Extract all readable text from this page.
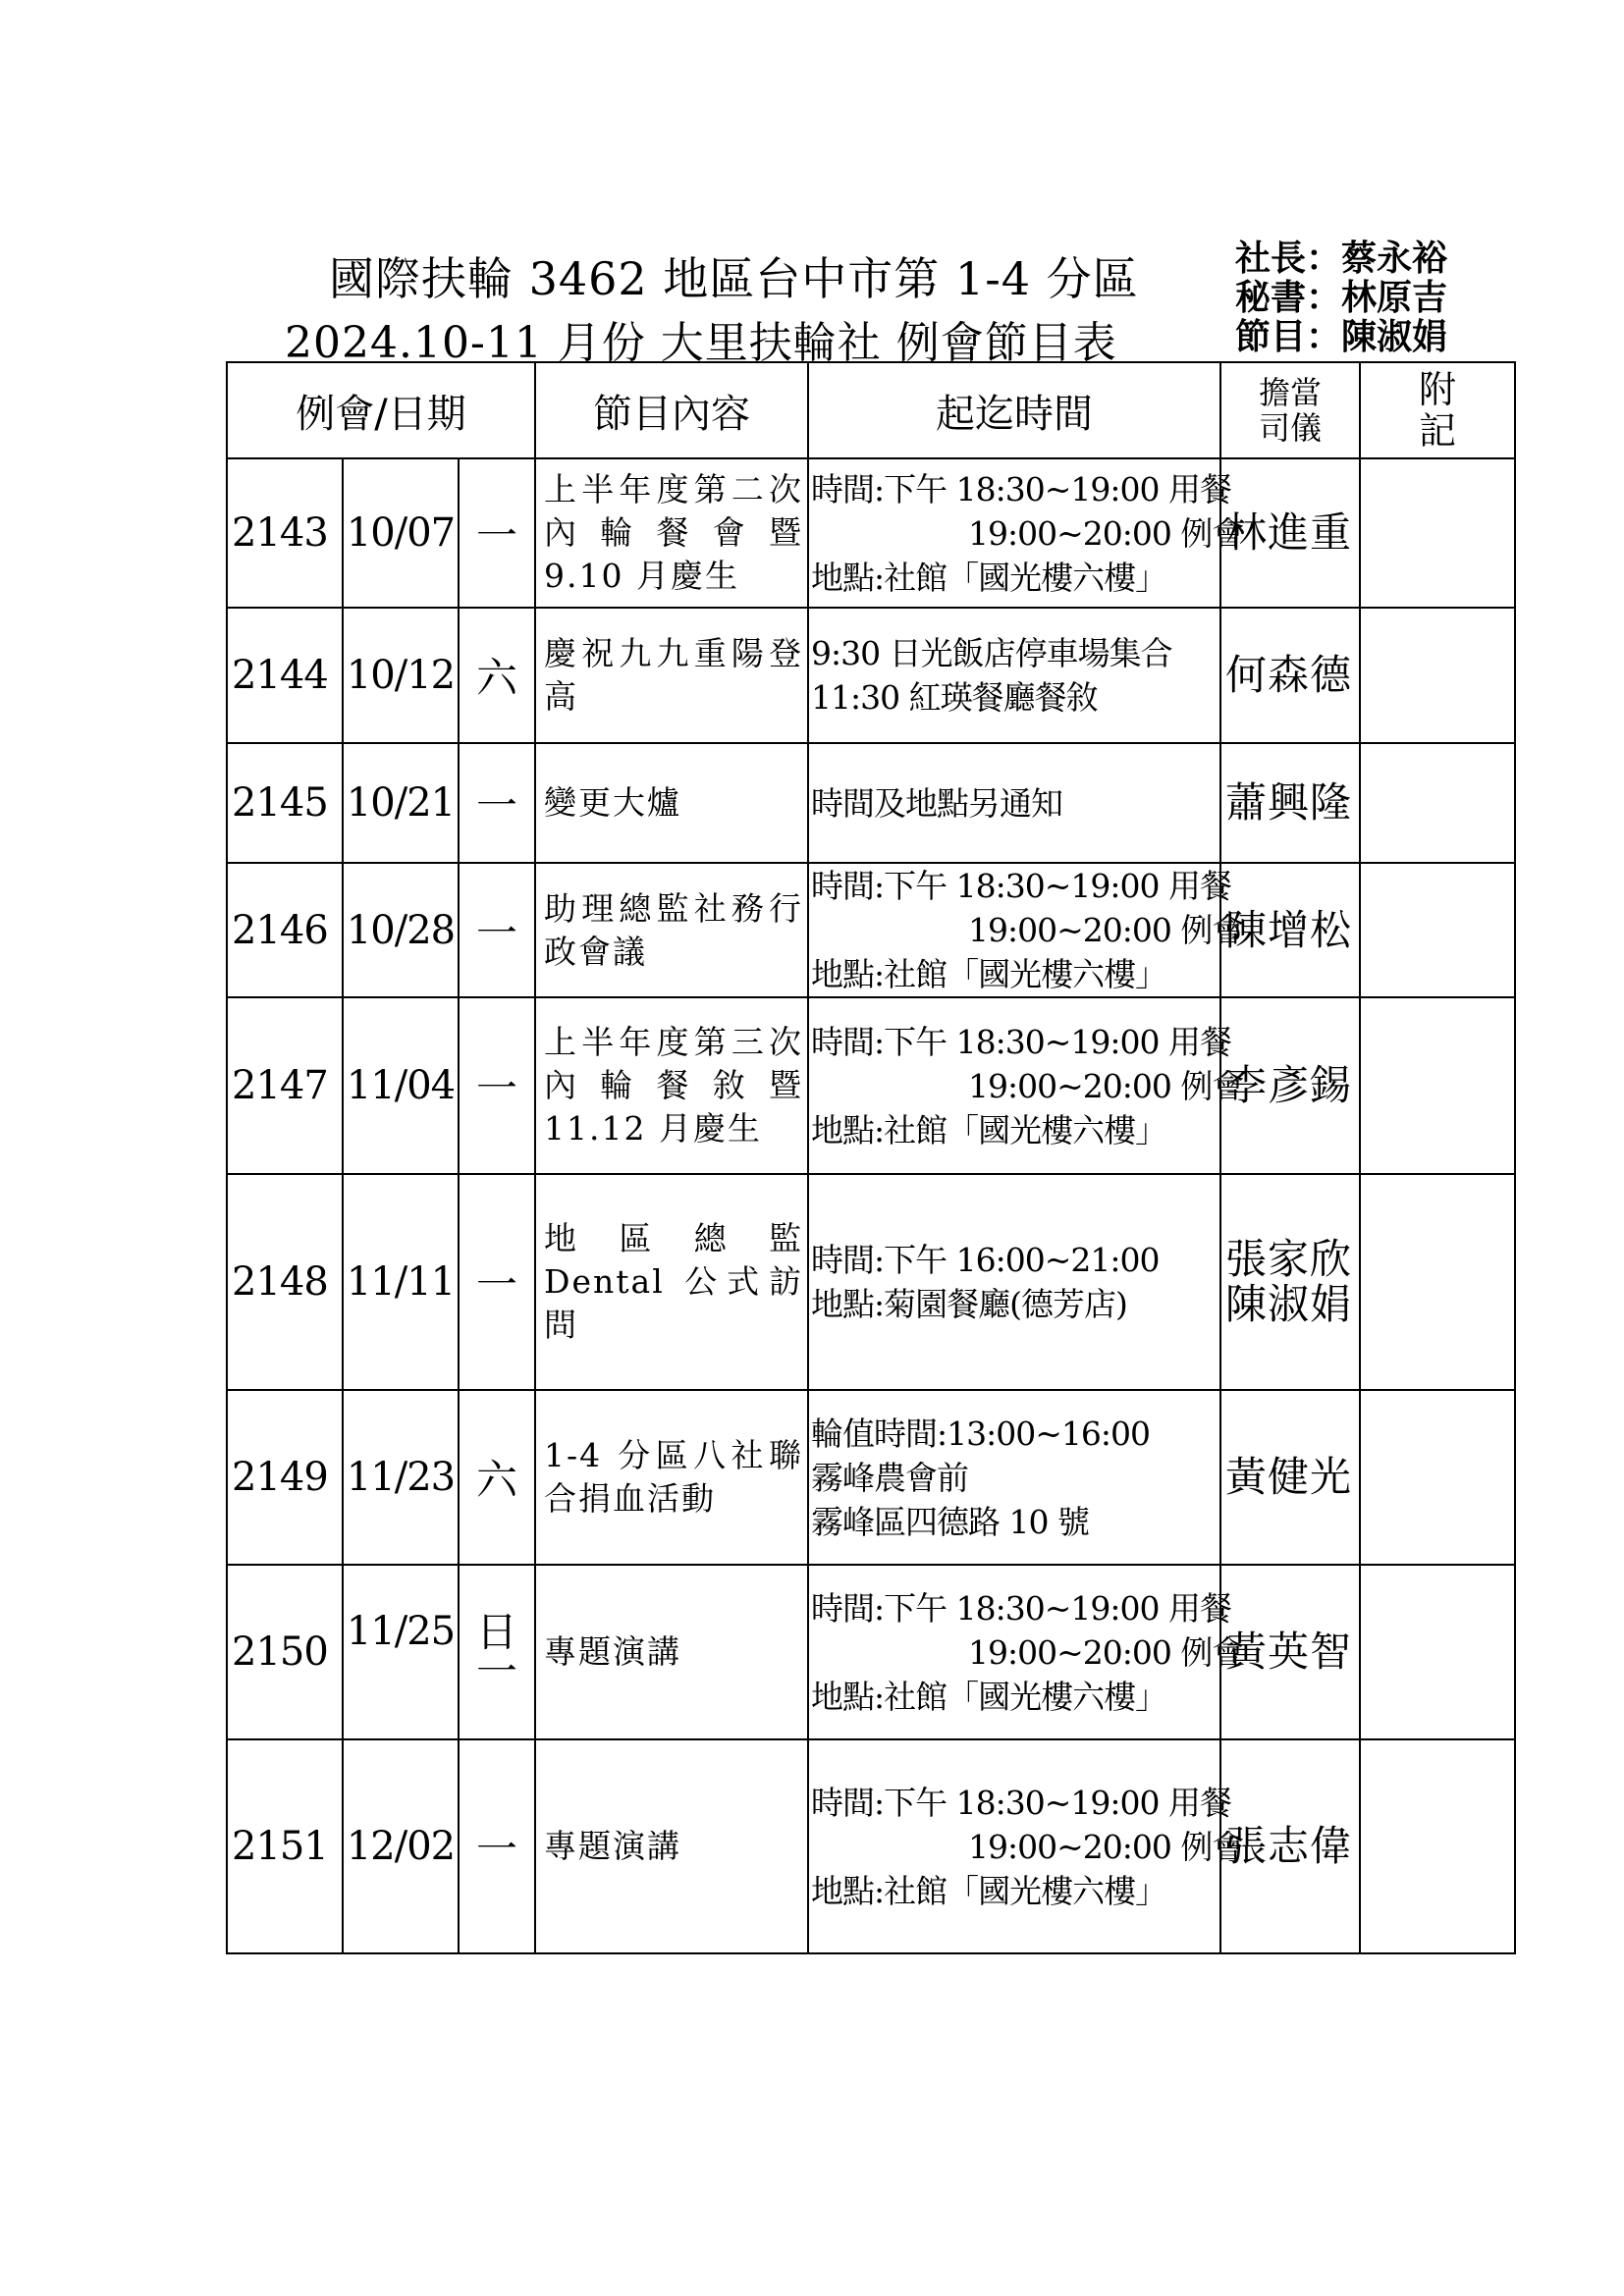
國際扶輪 3462 地區台中市第 1-4 分區
2024.10-11 月份 大里扶輪社 例會節目表
社長：蔡永裕
秘書：林原吉
節目：陳淑娟
例會/日期			節目內容	起迄時間	擔當司儀	附記
2143	10/07	一	上半年度第二次內輪餐會暨 9.10 月慶生	時間:下午 18:30~19:00 用餐
19:00~20:00 例會
地點:社館「國光樓六樓」	林進重	
2144	10/12	六	慶祝九九重陽登高	9:30 日光飯店停車場集合
11:30 紅瑛餐廳餐敘	何森德	
2145	10/21	一	變更大爐	時間及地點另通知	蕭興隆	
2146	10/28	一	助理總監社務行政會議	時間:下午 18:30~19:00 用餐
19:00~20:00 例會
地點:社館「國光樓六樓」	陳增松	
2147	11/04	一	上半年度第三次內輪餐敘暨 11.12 月慶生	時間:下午 18:30~19:00 用餐
19:00~20:00 例會
地點:社館「國光樓六樓」	李彥錫	
2148	11/11	一	地區總監 Dental 公式訪問	時間:下午 16:00~21:00
地點:菊園餐廳(德芳店)	張家欣 陳淑娟	
2149	11/23	六	1-4 分區八社聯合捐血活動	輪值時間:13:00~16:00
霧峰農會前
霧峰區四德路 10 號	黃健光	
2150	11/25	日一	專題演講	時間:下午 18:30~19:00 用餐
19:00~20:00 例會
地點:社館「國光樓六樓」	黃英智	
2151	12/02	一	專題演講	時間:下午 18:30~19:00 用餐
19:00~20:00 例會
地點:社館「國光樓六樓」	張志偉	
